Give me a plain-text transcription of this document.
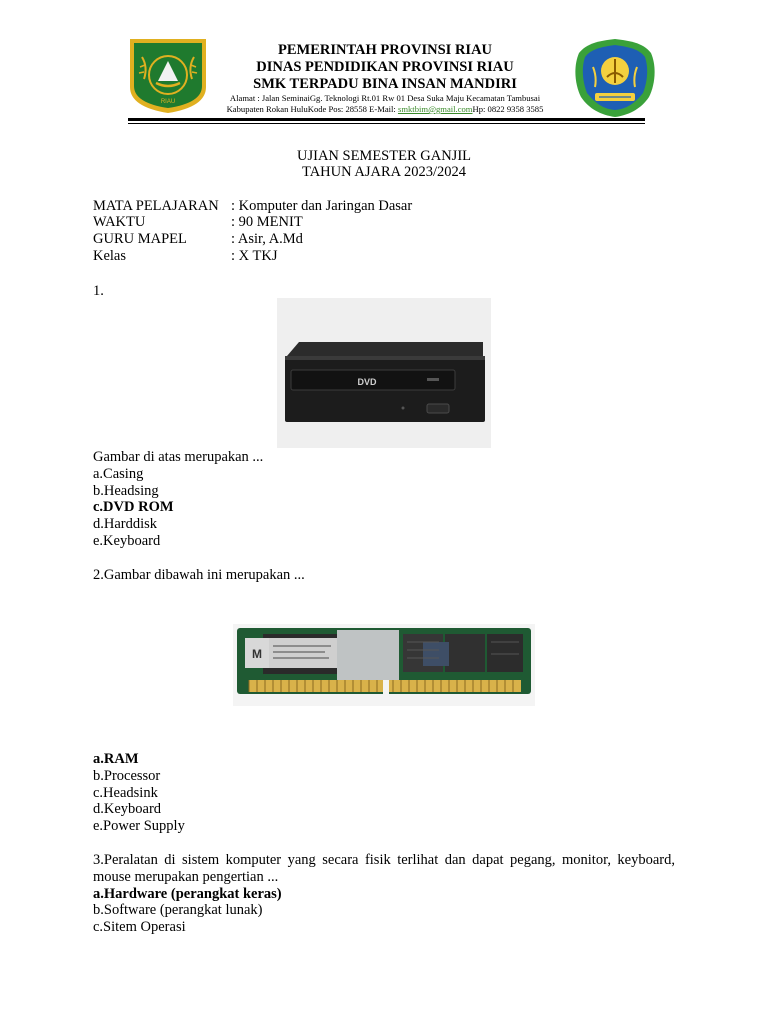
RIAU
PEMERINTAH PROVINSI RIAU
DINAS PENDIDIKAN PROVINSI RIAU
SMK TERPADU BINA INSAN MANDIRI
Alamat : Jalan SeminaiGg. Teknologi Rt.01 Rw 01 Desa Suka Maju Kecamatan Tambusai
Kabupaten Rokan HuluKode Pos: 28558 E-Mail: smktbim@gmail.comHp: 0822 9358 3585
UJIAN SEMESTER GANJIL
TAHUN AJARA 2023/2024
MATA PELAJARAN : Komputer dan Jaringan Dasar
WAKTU	: 90 MENIT
GURU MAPEL	: Asir, A.Md
Kelas	: X TKJ
1.
DVD
Gambar di atas merupakan ...
a.Casing
b.Headsing
c.DVD ROM
d.Harddisk
e.Keyboard
2.Gambar dibawah ini merupakan ...
M
a.RAM
b.Processor
c.Headsink
d.Keyboard
e.Power Supply
3.Peralatan di sistem komputer yang secara fisik terlihat dan dapat pegang, monitor, keyboard, mouse merupakan pengertian ...
a.Hardware (perangkat keras)
b.Software (perangkat lunak)
c.Sitem Operasi
